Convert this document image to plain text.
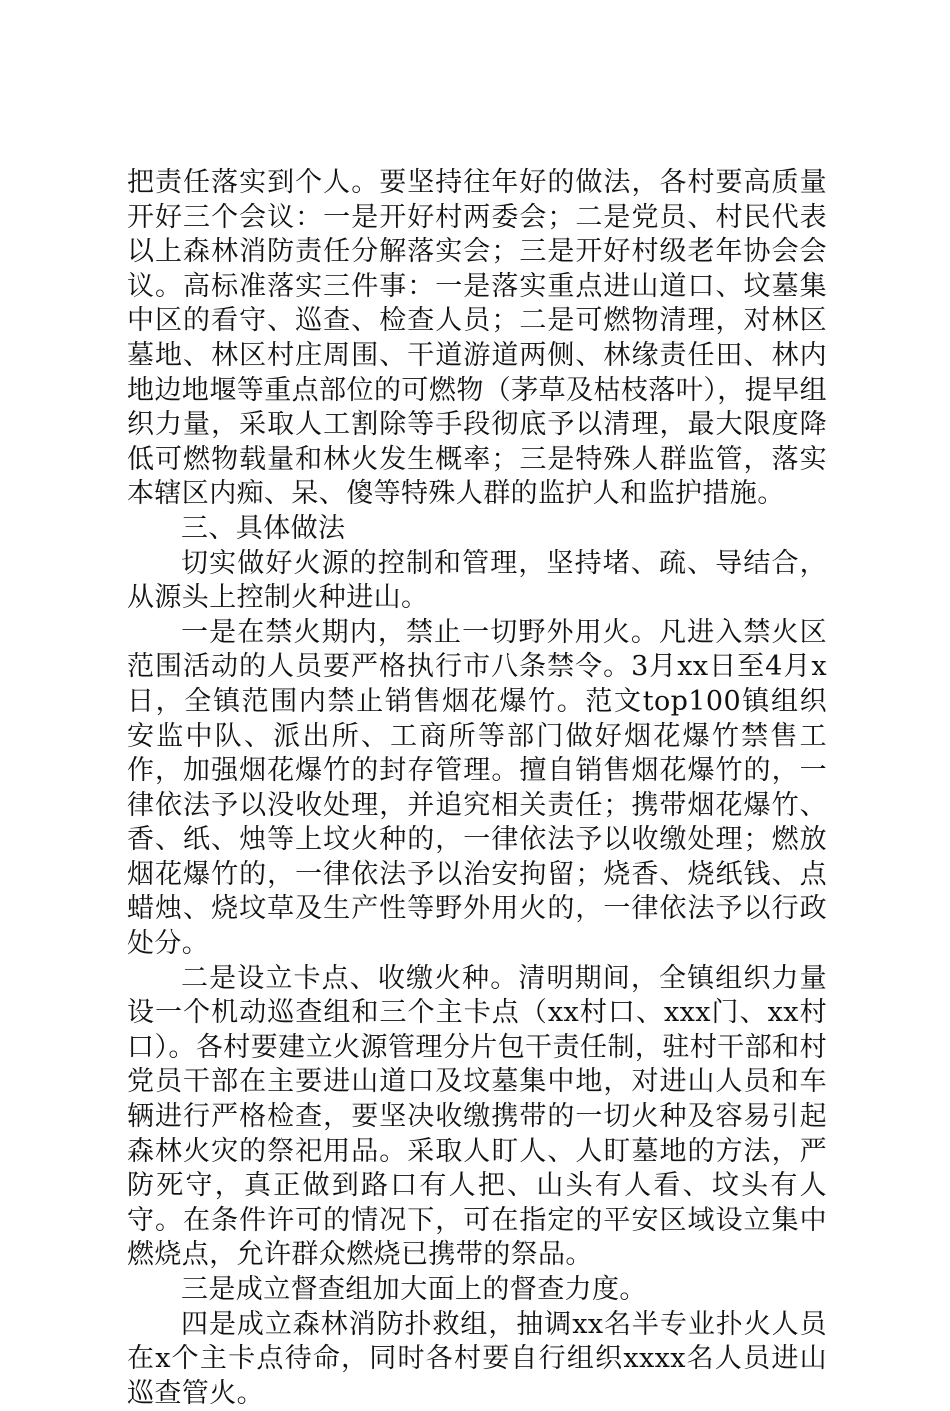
把责任落实到个人。要坚持往年好的做法，各村要高质量开好三个会议：一是开好村两委会；二是党员、村民代表以上森林消防责任分解落实会；三是开好村级老年协会会议。高标准落实三件事：一是落实重点进山道口、坟墓集中区的看守、巡查、检查人员；二是可燃物清理，对林区墓地、林区村庄周围、干道游道两侧、林缘责任田、林内地边地堰等重点部位的可燃物（茅草及枯枝落叶），提早组织力量，采取人工割除等手段彻底予以清理，最大限度降低可燃物载量和林火发生概率；三是特殊人群监管，落实本辖区内痴、呆、傻等特殊人群的监护人和监护措施。

三、具体做法

切实做好火源的控制和管理，坚持堵、疏、导结合，从源头上控制火种进山。

一是在禁火期内，禁止一切野外用火。凡进入禁火区范围活动的人员要严格执行市八条禁令。3月xx日至4月x日，全镇范围内禁止销售烟花爆竹。范文top100镇组织安监中队、派出所、工商所等部门做好烟花爆竹禁售工作，加强烟花爆竹的封存管理。擅自销售烟花爆竹的，一律依法予以没收处理，并追究相关责任；携带烟花爆竹、香、纸、烛等上坟火种的，一律依法予以收缴处理；燃放烟花爆竹的，一律依法予以治安拘留；烧香、烧纸钱、点蜡烛、烧坟草及生产性等野外用火的，一律依法予以行政处分。

二是设立卡点、收缴火种。清明期间，全镇组织力量设一个机动巡查组和三个主卡点（xx村口、xxx门、xx村口）。各村要建立火源管理分片包干责任制，驻村干部和村党员干部在主要进山道口及坟墓集中地，对进山人员和车辆进行严格检查，要坚决收缴携带的一切火种及容易引起森林火灾的祭祀用品。采取人盯人、人盯墓地的方法，严防死守，真正做到路口有人把、山头有人看、坟头有人守。在条件许可的情况下，可在指定的平安区域设立集中燃烧点，允许群众燃烧已携带的祭品。

三是成立督查组加大面上的督查力度。

四是成立森林消防扑救组，抽调xx名半专业扑火人员在x个主卡点待命，同时各村要自行组织xxxx名人员进山巡查管火。
